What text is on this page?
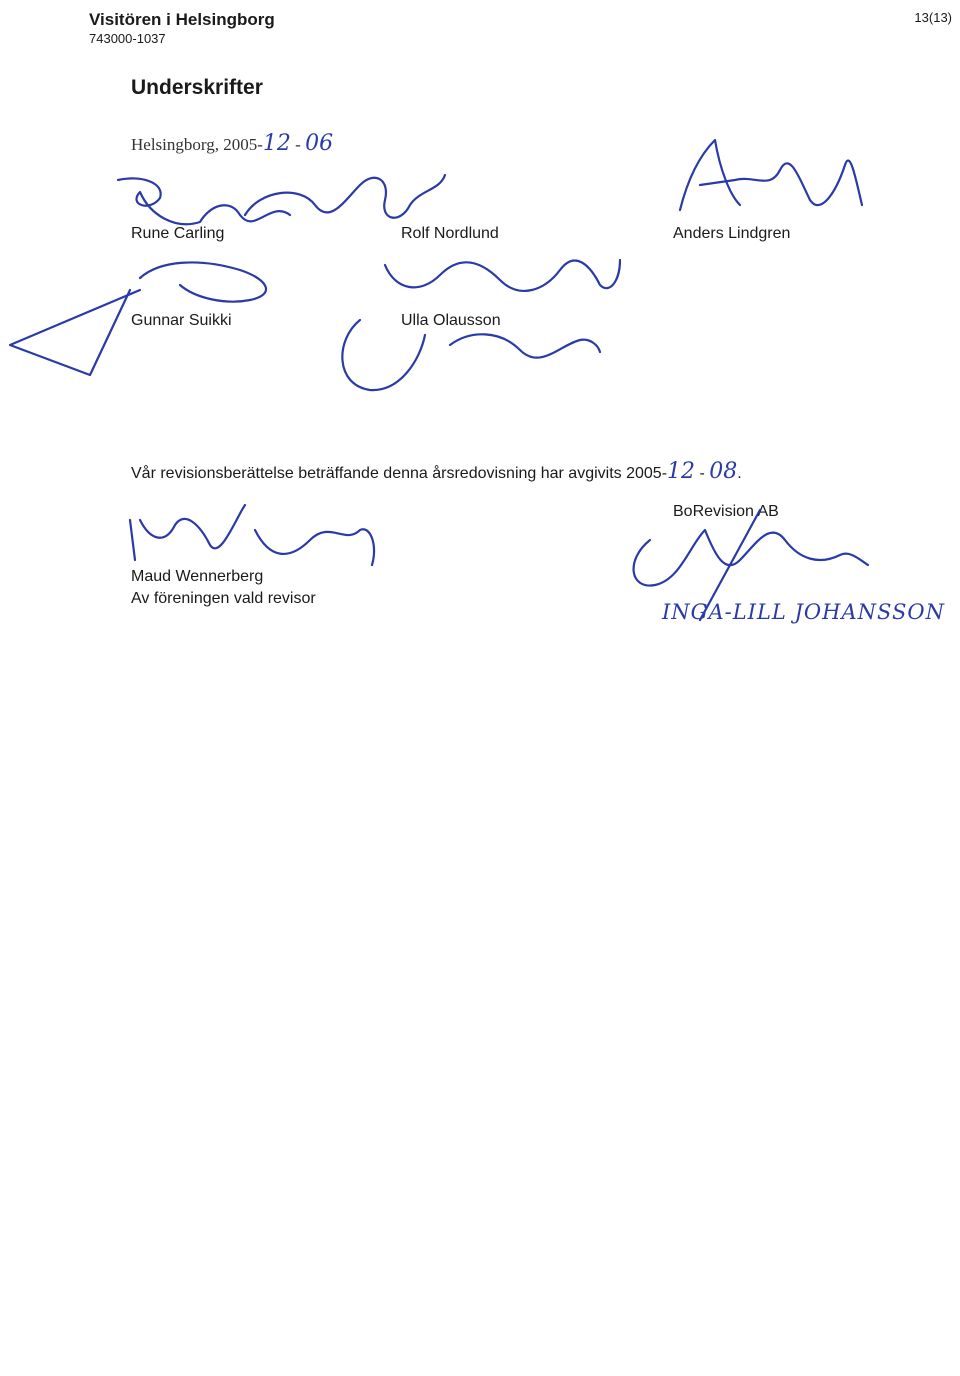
Visitören i Helsingborg
743000-1037
13(13)
Underskrifter
Helsingborg, 2005-12 - 06
Rune Carling	Rolf Nordlund	Anders Lindgren
Gunnar Suikki	Ulla Olausson
Vår revisionsberättelse beträffande denna årsredovisning har avgivits 2005-12 - 08.
Maud Wennerberg
Av föreningen vald revisor
BoRevision AB
INGA-LILL JOHANSSON
